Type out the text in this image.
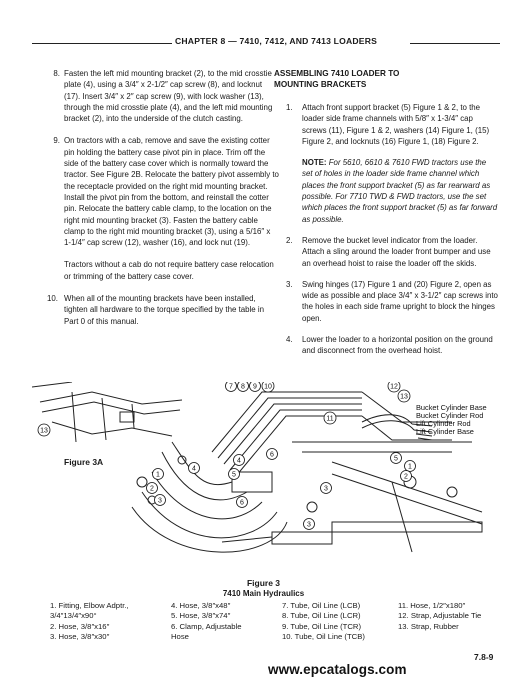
CHAPTER 8 — 7410, 7412, AND 7413 LOADERS
8. Fasten the left mid mounting bracket (2), to the mid crosstie plate (4), using a 3/4″ x 2-1/2″ cap screw (8), and locknut (17). Insert 3/4″ x 2″ cap screw (9), with lock washer (13), through the mid crosstie plate (4), and the left mid mounting bracket (2), into the underside of the clutch casting.
9. On tractors with a cab, remove and save the existing cotter pin holding the battery case pivot pin in place. Trim off the side of the battery case cover which is normally toward the tractor. See Figure 2B. Relocate the battery pivot assembly to the receptacle provided on the right mid mounting bracket. Install the pivot pin from the bottom, and reinstall the cotter pin. Relocate the battery cable clamp, to the location on the right mid mounting bracket (3). Fasten the battery cable clamp to the right mid mounting bracket (3), using a 5/16″ x 1-1/4″ cap screw (12), washer (16), and lock nut (19).
Tractors without a cab do not require battery case relocation or trimming of the battery case cover.
10. When all of the mounting brackets have been installed, tighten all hardware to the torque specified by the table in Part 0 of this manual.
ASSEMBLING 7410 LOADER TO
MOUNTING BRACKETS
1. Attach front support bracket (5) Figure 1 & 2, to the loader side frame channels with 5/8″ x 1-3/4″ cap screws (11), Figure 1 & 2, washers (14) Figure 1, (15) Figure 2, and locknuts (16) Figure 1, (18) Figure 2.
NOTE: For 5610, 6610 & 7610 FWD tractors use the set of holes in the loader side frame channel which places the front support bracket (5) as far rearward as possible. For 7710 TWD & FWD tractors, use the set which places the front support bracket (5) as far forward as possible.
2. Remove the bucket level indicator from the loader. Attach a sling around the loader front bumper and use an overhead hoist to raise the loader off the skids.
3. Swing hinges (17) Figure 1 and (20) Figure 2, open as wide as possible and place 3/4″ x 3-1/2″ cap screws into the holes in each side frame upright to block the hinges open.
4. Lower the loader to a horizontal position on the ground and disconnect from the overhead hoist.
7 8 9 10	12
13
11
13
6
4
5
1
2
3	6
3
3
5
1
2
4
Bucket Cylinder Base
Bucket Cylinder Rod
Lift Cylinder Rod
Lift Cylinder Base
Figure 3A
Figure 3
7410 Main Hydraulics
1. Fitting, Elbow Adptr.,
3/4″13/4″x90°
2. Hose, 3/8″x16″
3. Hose, 3/8″x30″
4. Hose, 3/8″x48″
5. Hose, 3/8″x74″
6. Clamp, Adjustable
Hose
7. Tube, Oil Line (LCB)
8. Tube, Oil Line (LCR)
9. Tube, Oil Line (TCR)
10. Tube, Oil Line (TCB)
11. Hose, 1/2″x180″
12. Strap, Adjustable Tie
13. Strap, Rubber
7.8-9
www.epcatalogs.com
